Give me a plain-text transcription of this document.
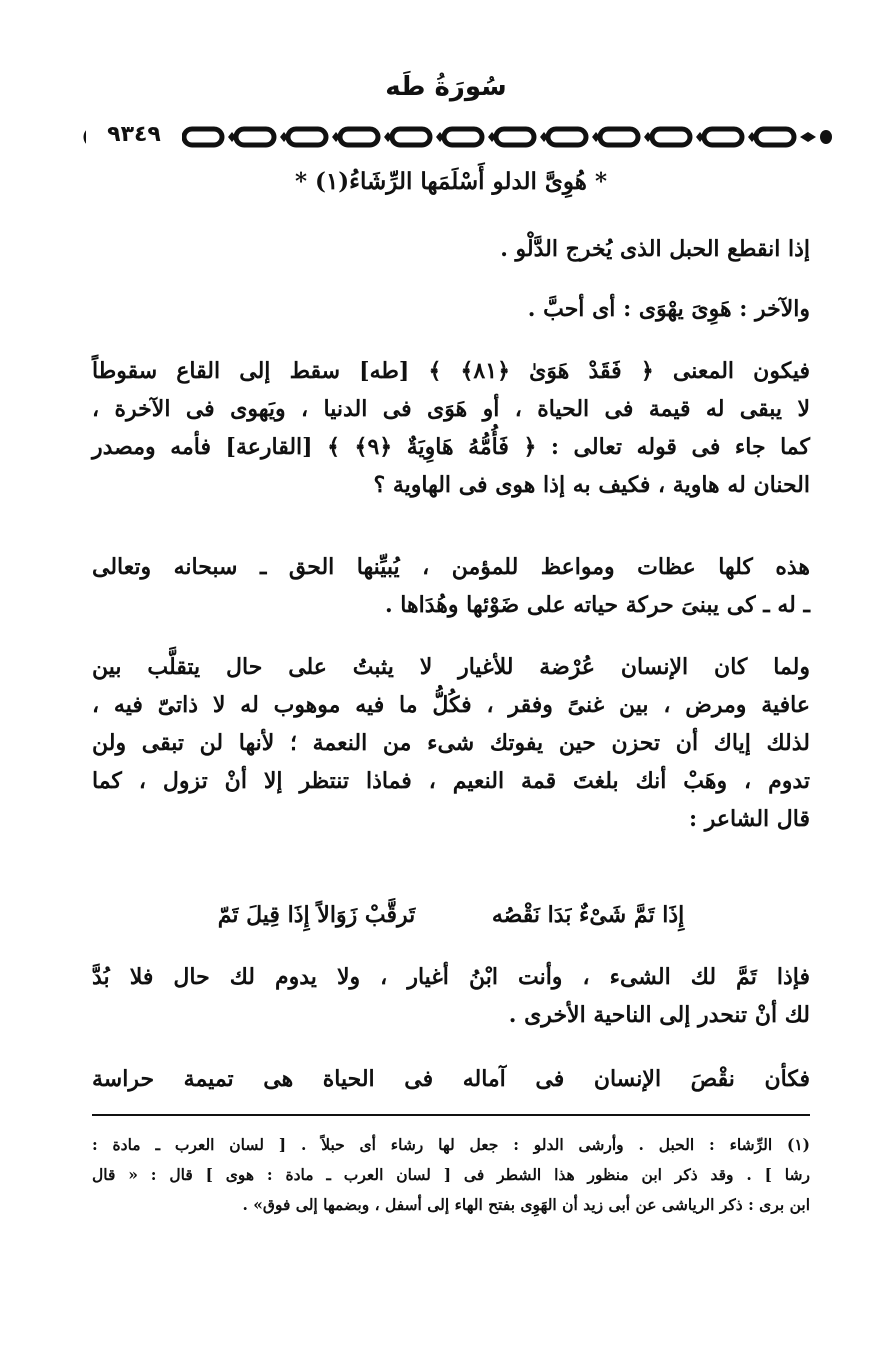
سُورَةُ طَه
٩٣٤٩
* هُوِىَّ الدلو أَسْلَمَها الرِّشَاءُ(١) *
إذا انقطع الحبل الذى يُخرج الدَّلْو .
والآخر : هَوِىَ يهْوَى : أى أحبَّ .
فيكون المعنى ﴿ فَقَدْ هَوَىٰ ﴿٨١﴾ ﴾ [طه] سقط إلى القاع سقوطاً
لا يبقى له قيمة فى الحياة ، أو هَوَى فى الدنيا ، ويَهوى فى الآخرة ،
كما جاء فى قوله تعالى : ﴿ فَأُمُّهُ هَاوِيَةٌ ﴿٩﴾ ﴾ [القارعة] فأمه ومصدر
الحنان له هاوية ، فكيف به إذا هوى فى الهاوية ؟
هذه كلها عظات ومواعظ للمؤمن ، يُبيِّنها الحق ـ سبحانه وتعالى
ـ له ـ كى يبنىَ حركة حياته على ضَوْئها وهُدَاها .
ولما كان الإنسان عُرْضة للأغيار لا يثبتُ على حال يتقلَّب بين
عافية ومرض ، بين غنىً وفقر ، فكُلُّ ما فيه موهوب له لا ذاتىّ فيه ،
لذلك إياك أن تحزن حين يفوتك شىء من النعمة ؛ لأنها لن تبقى ولن
تدوم ، وهَبْ أنك بلغتَ قمة النعيم ، فماذا تنتظر إلا أنْ تزول ، كما
قال الشاعر :
إِذَا تَمَّ شَىْءٌ بَدَا نَقْصُه          تَرقَّبْ زَوَالاً إِذَا قِيلَ تَمّ
فإذا تَمَّ لك الشىء ، وأنت ابْنُ أغيار ، ولا يدوم لك حال فلا بُدَّ
لك أنْ تنحدر إلى الناحية الأخرى .
فكأن نقْصَ الإنسان فى آماله فى الحياة هى تميمة حراسة
(١) الرِّشاء : الحبل . وأرشى الدلو : جعل لها رشاء أى حبلاً . [ لسان العرب ـ مادة :
رشا ] . وقد ذكر ابن منظور هذا الشطر فى [ لسان العرب ـ مادة : هوى ] قال : « قال
ابن برى : ذكر الرياشى عن أبى زيد أن الهَوِى بفتح الهاء إلى أسفل ، وبضمها إلى فوق» .
